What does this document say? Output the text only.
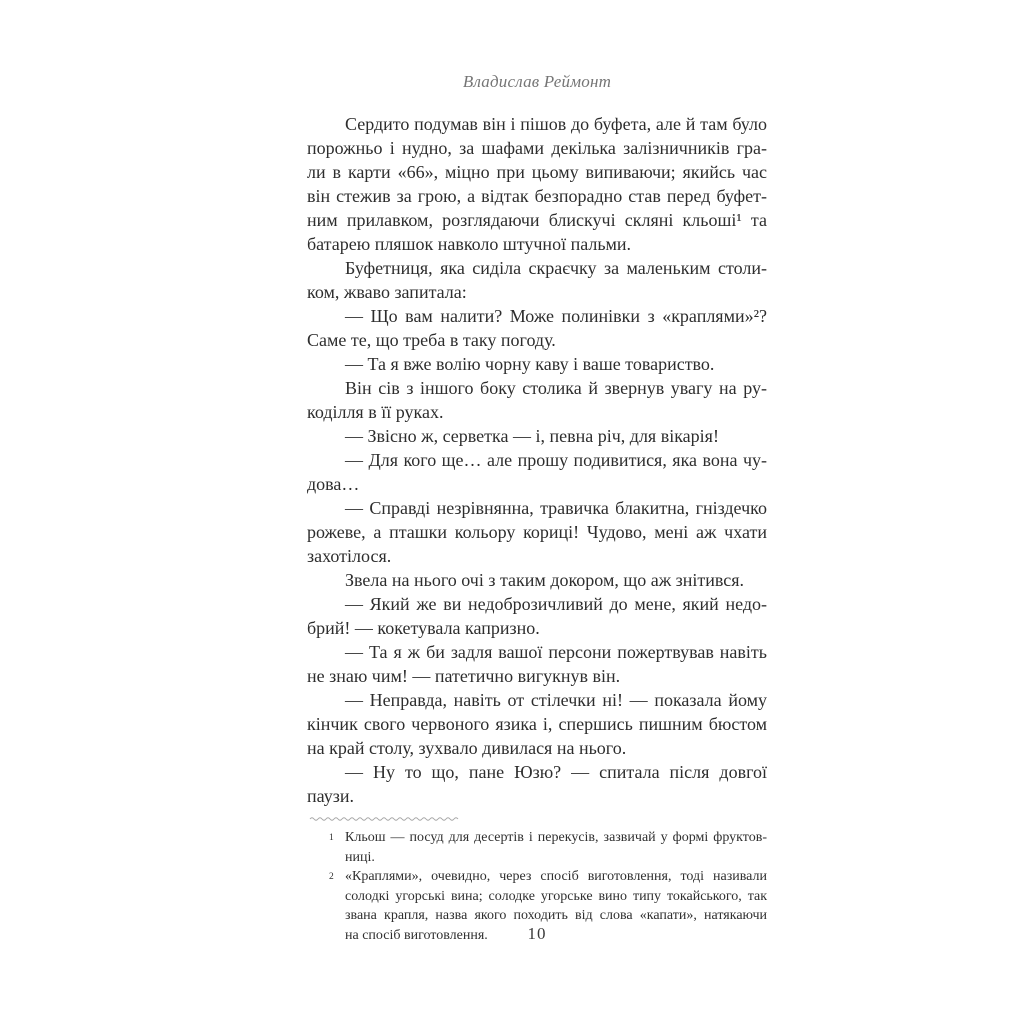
Владислав Реймонт

Сердито подумав він і пішов до буфета, але й там було
порожньо і нудно, за шафами декілька залізничників гра-
ли в карти «66», міцно при цьому випиваючи; якийсь час
він стежив за грою, а відтак безпорадно став перед буфет-
ним прилавком, розглядаючи блискучі скляні кльоші¹ та
батарею пляшок навколо штучної пальми.

Буфетниця, яка сиділа скраєчку за маленьким столи-
ком, жваво запитала:

— Що вам налити? Може полинівки з «краплями»²?
Саме те, що треба в таку погоду.

— Та я вже волію чорну каву і ваше товариство.

Він сів з іншого боку столика й звернув увагу на ру-
коділля в її руках.

— Звісно ж, серветка — і, певна річ, для вікарія!

— Для кого ще… але прошу подивитися, яка вона чу-
дова…

— Справді незрівнянна, травичка блакитна, гніздечко
рожеве, а пташки кольору кориці! Чудово, мені аж чхати
захотілося.

Звела на нього очі з таким докором, що аж знітився.

— Який же ви недоброзичливий до мене, який недо-
брий! — кокетувала капризно.

— Та я ж би задля вашої персони пожертвував навіть
не знаю чим! — патетично вигукнув він.

— Неправда, навіть от стілечки ні! — показала йому
кінчик свого червоного язика і, спершись пишним бюстом
на край столу, зухвало дивилася на нього.

— Ну то що, пане Юзю? — спитала після довгої паузи.

1 Кльош — посуд для десертів і перекусів, зазвичай у формі фруктов-
ниці.
2 «Краплями», очевидно, через спосіб виготовлення, тоді називали
солодкі угорські вина; солодке угорське вино типу токайського, так
звана крапля, назва якого походить від слова «капати», натякаючи
на спосіб виготовлення.	10
